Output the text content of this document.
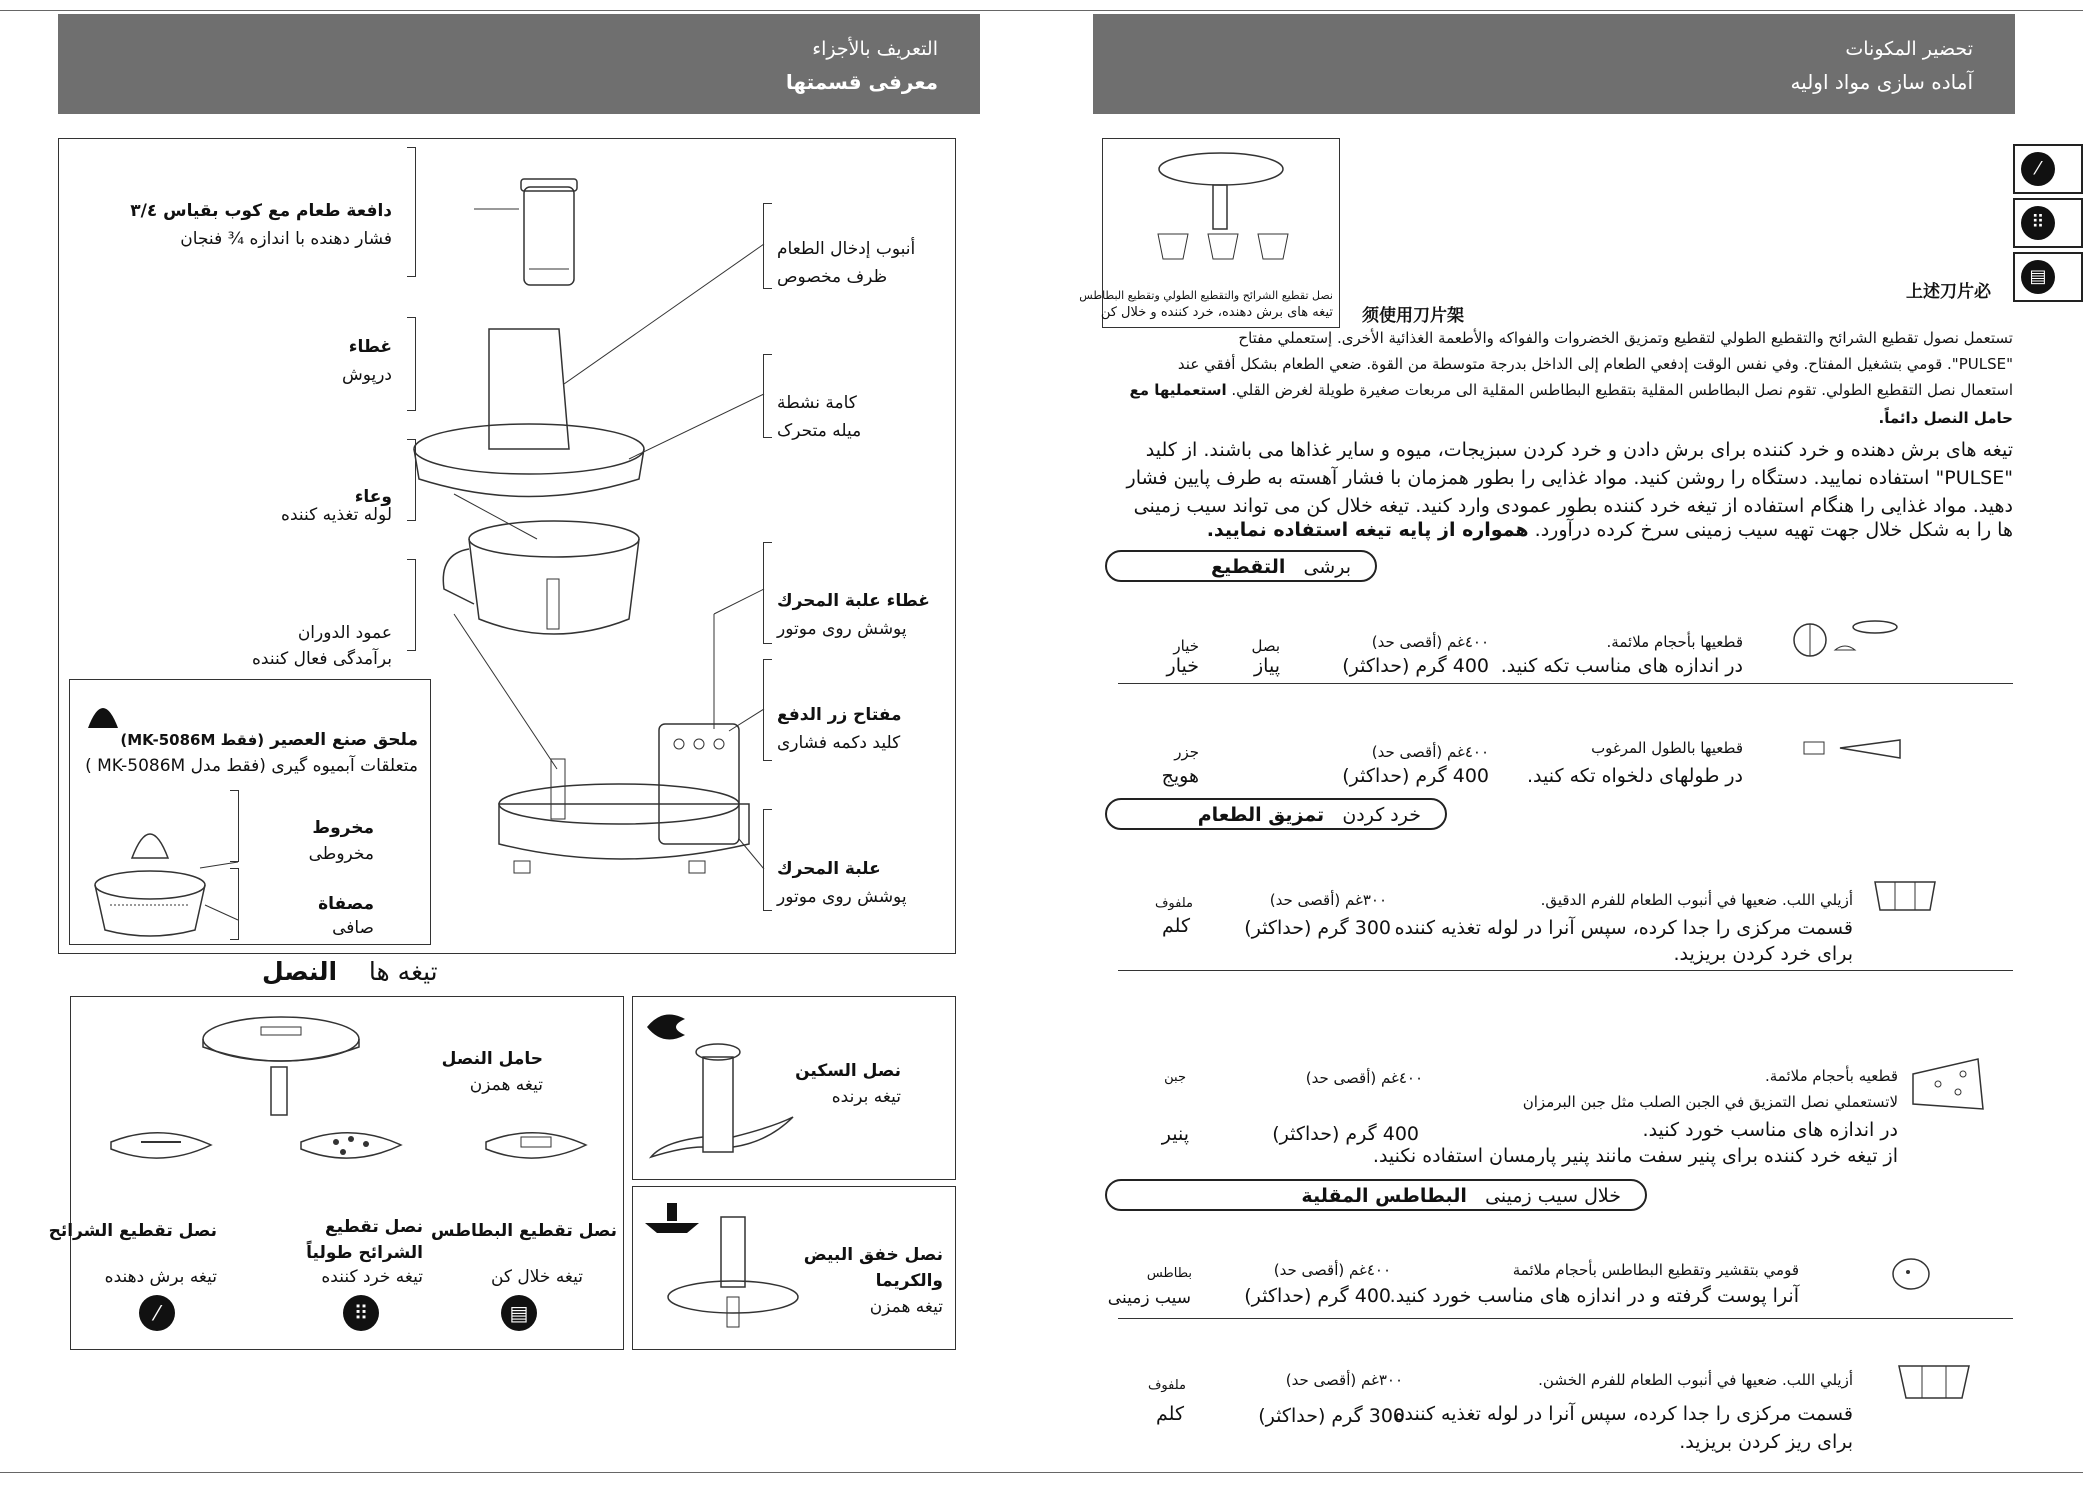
التعريف بالأجزاء
معرفی قسمتها
دافعة طعام مع كوب بقياس ٣/٤
فشار دهنده با اندازه ¾ فنجان	أنبوب إدخال الطعام
ظرف مخصوص
غطاء
درپوش
كامة نشطة
میله متحرک
وعاء
لوله تغذیه کننده
غطاء علبة المحرك
پوشش روی موتور
عمود الدوران
برآمدگی فعال کننده
مفتاح زر الدفع
کلید دکمه فشاری
علبة المحرك
پوشش روی موتور
ملحق صنع العصير (فقط MK-5086M)
متعلقات آبمیوه گیری (فقط مدل MK-5086M )
مخروط
مخروطی
مصفاة
صافی
تیغه ها    النصل
حامل النصل
تیغه همزن
نصل تقطيع الشرائح
تيغه برش دهنده
⁄
نصل تقطيع
الشرائح طولياً
تيغه خرد کننده
⠿
نصل تقطيع البطاطس
تیغه خلال کن
▤
نصل السكين
تیغه برنده
نصل خفق البيض
والكريما
تیغه همزن
تحضير المكونات
آماده سازی مواد اولیه
⁄
⠿
▤
نصل تقطيع الشرائح والتقطيع الطولي وتقطيع البطاطس
تیغه های برش دهنده، خرد کننده و خلال کن
上述刀片必
须使用刀片架
تستعمل نصول تقطيع الشرائح والتقطيع الطولي لتقطيع وتمزيق الخضروات والفواكه والأطعمة الغذائية الأخرى. إستعملي مفتاح
"PULSE". قومي بتشغيل المفتاح. وفي نفس الوقت إدفعي الطعام إلى الداخل بدرجة متوسطة من القوة. ضعي الطعام بشكل أفقي عند
استعمال نصل التقطيع الطولي. تقوم نصل البطاطس المقلية بتقطيع البطاطس المقلية الى مربعات صغيرة طويلة لغرض القلي. استعمليها مع
حامل النصل دائماً.
تیغه های برش دهنده و خرد کننده برای برش دادن و خرد کردن سبزیجات، میوه و سایر غذاها می باشند. از کلید
"PULSE" استفاده نمایید. دستگاه را روشن کنید. مواد غذایی را بطور همزمان با فشار آهسته به طرف پایین فشار
دهید. مواد غذایی را هنگام استفاده از تیغه خرد کننده بطور عمودی وارد کنید. تیغه خلال کن می تواند سیب زمینی
ها را به شکل خلال جهت تهیه سیب زمینی سرخ کرده درآورد. همواره از پایه تیغه استفاده نمایید.
برشی   التقطيع
قطعيها بأحجام ملائمة.
در اندازه های مناسب تکه کنید.
٤٠٠غم (أقصى حد)
400 گرم (حداکثر)
بصل
پیاز
خيار
خیار
قطعيها بالطول المرغوب
در طولهای دلخواه تکه کنید.
٤٠٠غم (أقصى حد)
400 گرم (حداکثر)
جزر
هویج
خرد کردن   تمزيق الطعام
أزيلي اللب. ضعيها في أنبوب الطعام للفرم الدقيق.
قسمت مرکزی را جدا کرده، سپس آنرا در لوله تغذیه کننده
برای خرد کردن بریزید.
٣٠٠غم (أقصى حد)
300 گرم (حداکثر)
ملفوف
کلم
قطعيه بأحجام ملائمة.
لاتستعملي نصل التمزيق في الجبن الصلب مثل جبن البرمزان
در اندازه های مناسب خورد کنید.
از تیغه خرد کننده برای پنیر سفت مانند پنیر پارمسان استفاده نکنید.
٤٠٠غم (أقصى حد)
400 گرم (حداکثر)
جبن
پنیر
خلال سیب زمینی   البطاطس المقلية
قومي بتقشير وتقطيع البطاطس بأحجام ملائمة
آنرا پوست گرفته و در اندازه های مناسب خورد کنید.
٤٠٠غم (أقصى حد)
400 گرم (حداکثر)
بطاطس
سیب زمینی
أزيلي اللب. ضعيها في أنبوب الطعام للفرم الخشن.
قسمت مرکزی را جدا کرده، سپس آنرا در لوله تغذیه کننده
برای ریز کردن بریزید.
٣٠٠غم (أقصى حد)
300 گرم (حداکثر)
ملفوف
کلم
